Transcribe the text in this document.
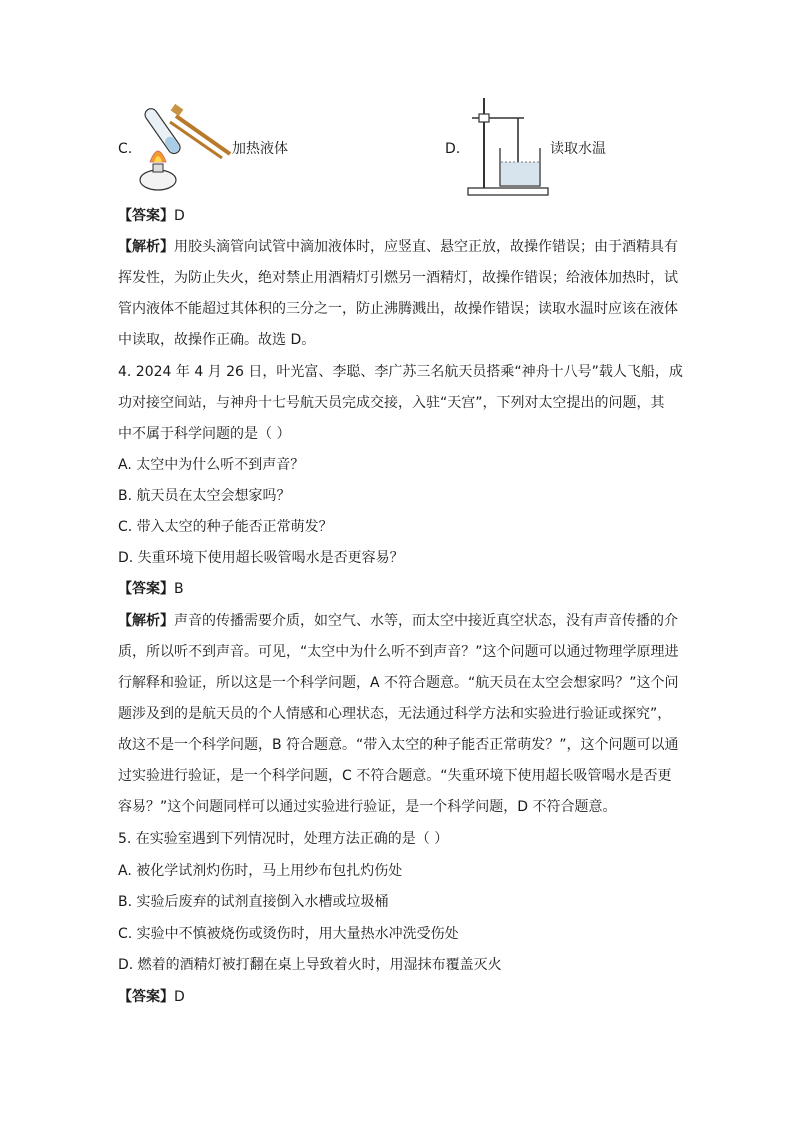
C.	加热液体	D.	读取水温
【答案】D
【解析】用胶头滴管向试管中滴加液体时，应竖直、悬空正放，故操作错误；由于酒精具有
挥发性，为防止失火，绝对禁止用酒精灯引燃另一酒精灯，故操作错误；给液体加热时，试
管内液体不能超过其体积的三分之一，防止沸腾溅出，故操作错误；读取水温时应该在液体
中读取，故操作正确。故选 D。
4. 2024 年 4 月 26 日，叶光富、李聪、李广苏三名航天员搭乘“神舟十八号”载人飞船，成
功对接空间站，与神舟十七号航天员完成交接，入驻“天宫”，下列对太空提出的问题，其
中不属于科学问题的是（ ）
A. 太空中为什么听不到声音？
B. 航天员在太空会想家吗？
C. 带入太空的种子能否正常萌发？
D. 失重环境下使用超长吸管喝水是否更容易？
【答案】B
【解析】声音的传播需要介质，如空气、水等，而太空中接近真空状态，没有声音传播的介
质，所以听不到声音。可见，“太空中为什么听不到声音？”这个问题可以通过物理学原理进
行解释和验证，所以这是一个科学问题，A 不符合题意。“航天员在太空会想家吗？”这个问
题涉及到的是航天员的个人情感和心理状态，无法通过科学方法和实验进行验证或探究”，
故这不是一个科学问题，B 符合题意。“带入太空的种子能否正常萌发？”，这个问题可以通
过实验进行验证，是一个科学问题，C 不符合题意。“失重环境下使用超长吸管喝水是否更
容易？”这个问题同样可以通过实验进行验证，是一个科学问题，D 不符合题意。
5. 在实验室遇到下列情况时，处理方法正确的是（ ）
A. 被化学试剂灼伤时，马上用纱布包扎灼伤处
B. 实验后废弃的试剂直接倒入水槽或垃圾桶
C. 实验中不慎被烧伤或烫伤时，用大量热水冲洗受伤处
D. 燃着的酒精灯被打翻在桌上导致着火时，用湿抹布覆盖灭火
【答案】D
